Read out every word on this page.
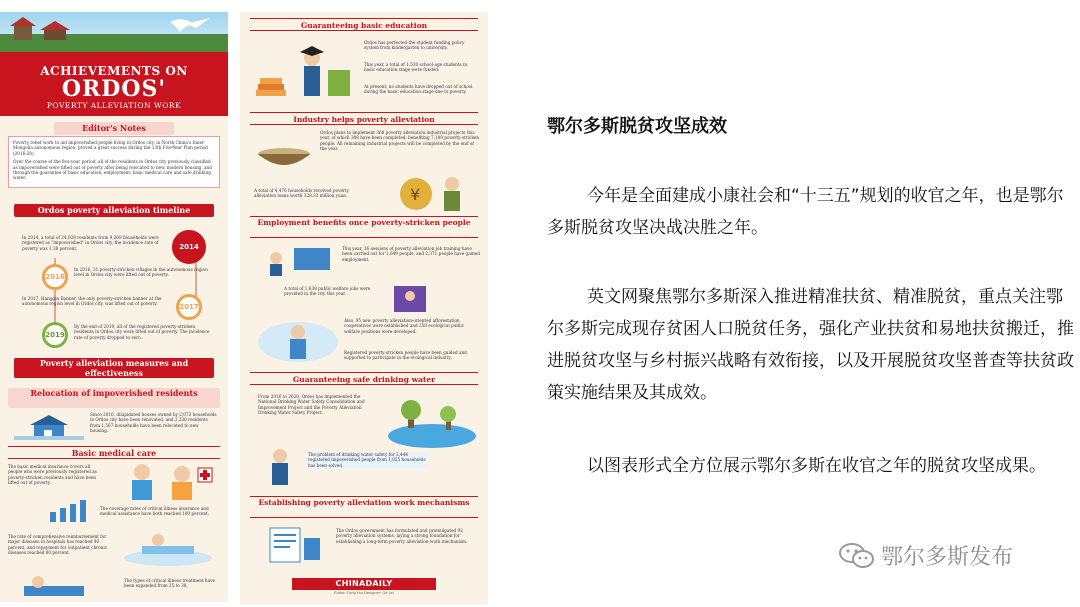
ACHIEVEMENTS ON
ORDOS'
POVERTY ALLEVIATION WORK
Editor's Notes

Poverty relief work to aid impoverished people living in Ordos city, in North China's Inner Mongolia autonomous region, proved a great success during the 13th Five-Year Plan period (2016-20).

Over the course of the five-year period, all of the residents in Ordos city previously classified as impoverished were lifted out of poverty after being relocated to new, modern housing, and through the guarantee of basic education, employment, basic medical care and safe drinking water.

Ordos poverty alleviation timeline
In 2014, a total of 24,028 residents from 9,269 households were registered as "impoverished" in Ordos city, the incidence rate of poverty was 1.38 percent.	2014
2016
In 2016, 21 poverty-stricken villages in the autonomous region level in Ordos city were lifted out of poverty.
In 2017, Hanggin Banner, the only poverty-stricken banner at the autonomous region level in Ordos city, was lifted out of poverty.	2017
2019
By the end of 2019, all of the registered poverty-stricken residents in Ordos city were lifted out of poverty. The incidence rate of poverty dropped to zero.
Poverty alleviation measures and effectiveness
Relocation of impoverished residents
Since 2016, dilapidated houses owned by 2,073 households in Ordos city have been renovated, and 2,330 residents from 1,567 households have been relocated to new housing.
Basic medical care
The basic medical insurance covers all people who were previously registered as poverty-stricken residents and have been lifted out of poverty.
The coverage rates of critical illness insurance and medical assistance have both reached 100 percent.
The rate of comprehensive reimbursement for major diseases in hospitals has reached 90 percent, and repayment for outpatient chronic diseases reached 80 percent.
The types of critical illness treatment have been expanded from 25 to 38.
Guaranteeing basic education
Ordos has perfected the student funding policy system from kindergarten to university.
This year, a total of 1,530 school-age students in basic education stage were funded.
At present, no students have dropped out of school during the basic education stage due to poverty.
Industry helps poverty alleviation
Ordos plans to implement 368 poverty alleviation industrial projects this year, of which 308 have been completed, benefiting 7,100 poverty-stricken people. All remaining industrial projects will be completed by the end of the year.
A total of 4,476 households received poverty alleviation loans worth 328.33 million yuan.	¥
Employment benefits once poverty-stricken people
This year, 36 sessions of poverty alleviation job training have been carried out for 1,649 people, and 2,371 people have gained employment.
A total of 1,638 public welfare jobs were provided in the city this year.
Also, 95 new poverty alleviation-oriented afforestation cooperatives were established and 258 ecological public welfare positions were developed.
Registered poverty-stricken people have been guided and supported to participate in the ecological industry.
Guaranteeing safe drinking water
From 2016 to 2020, Ordos has implemented the National Drinking Water Safety Consolidation and Improvement Project and the Poverty Alleviation Drinking Water Safety Project.
The problem of drinking water safety for 2,444 registered impoverished people from 1,025 households has been solved.
Establishing poverty alleviation work mechanisms
The Ordos government has formulated and promulgated 92 poverty alleviation systems, laying a strong foundation for establishing a long-term poverty alleviation work mechanism.
CHINADAILY
Editor: Feng Hui Designer: Ge Lei
鄂尔多斯脱贫攻坚成效
今年是全面建成小康社会和“十三五”规划的收官之年，也是鄂尔多斯脱贫攻坚决战决胜之年。
英文网聚焦鄂尔多斯深入推进精准扶贫、精准脱贫，重点关注鄂尔多斯完成现存贫困人口脱贫任务，强化产业扶贫和易地扶贫搬迁，推进脱贫攻坚与乡村振兴战略有效衔接，以及开展脱贫攻坚普查等扶贫政策实施结果及其成效。
以图表形式全方位展示鄂尔多斯在收官之年的脱贫攻坚成果。
鄂尔多斯发布
